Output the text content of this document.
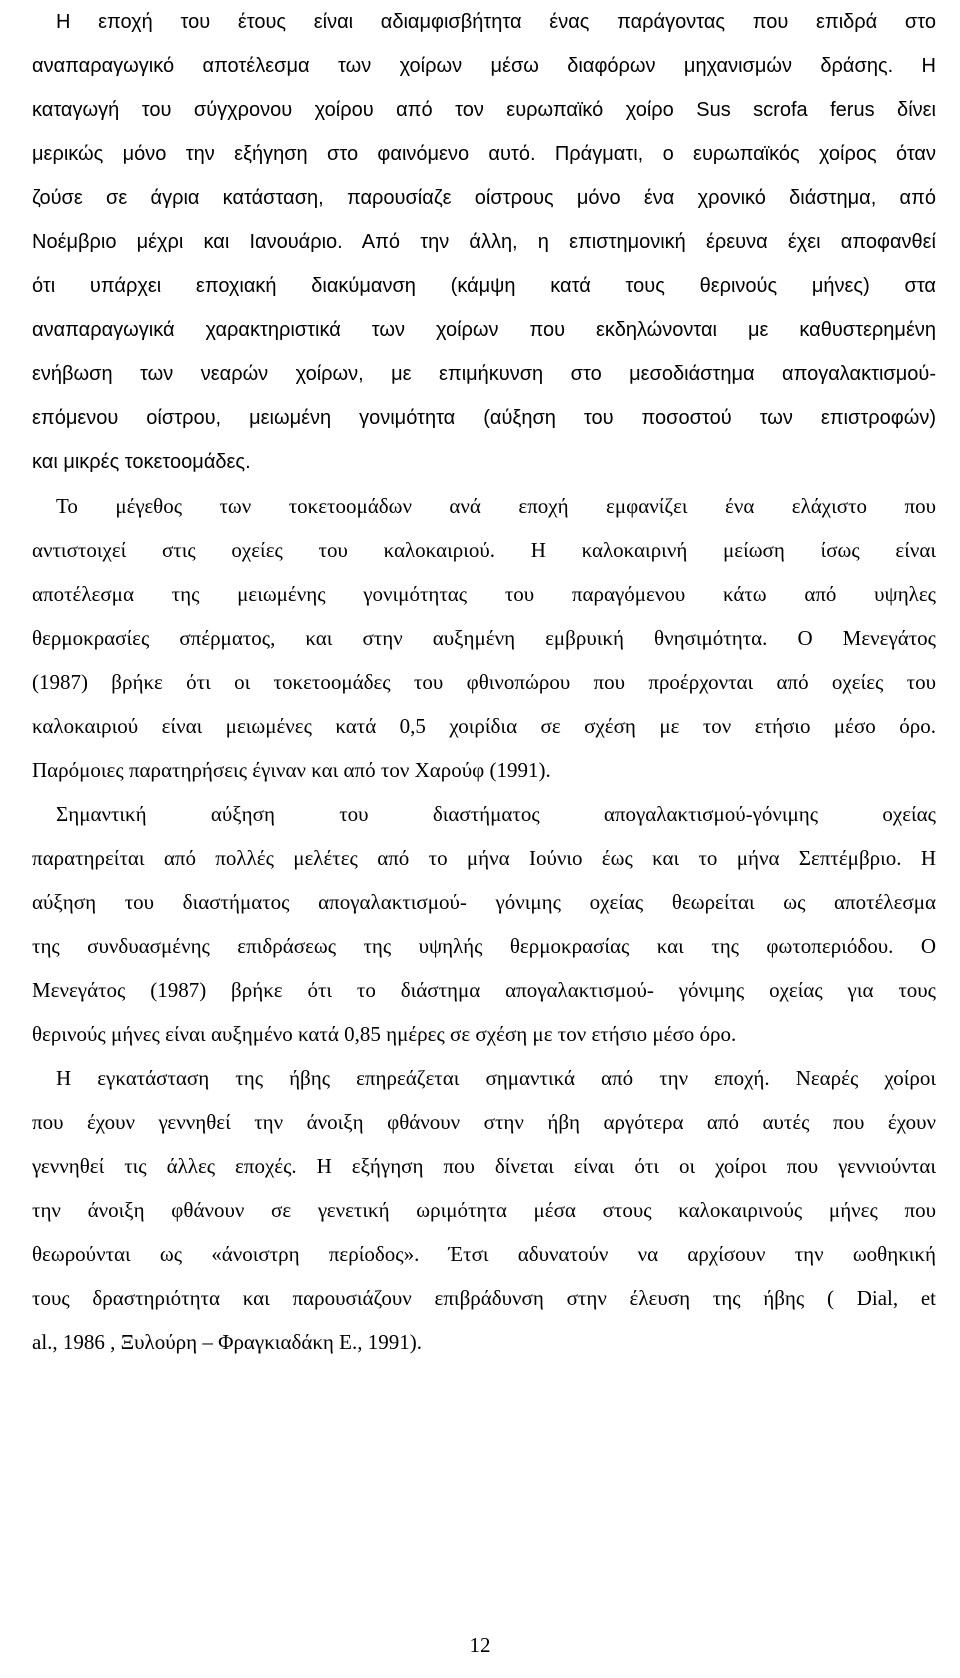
Η εποχή του έτους είναι αδιαμφισβήτητα ένας παράγοντας που επιδρά στο
αναπαραγωγικό αποτέλεσμα των χοίρων μέσω διαφόρων μηχανισμών δράσης. Η
καταγωγή του σύγχρονου χοίρου από τον ευρωπαϊκό χοίρο Sus scrofa ferus δίνει
μερικώς μόνο την εξήγηση στο φαινόμενο αυτό. Πράγματι, ο ευρωπαϊκός χοίρος όταν
ζούσε σε άγρια κατάσταση, παρουσίαζε οίστρους μόνο ένα χρονικό διάστημα, από
Νοέμβριο μέχρι και Ιανουάριο. Από την άλλη, η επιστημονική έρευνα έχει αποφανθεί
ότι υπάρχει εποχιακή διακύμανση (κάμψη κατά τους θερινούς μήνες) στα
αναπαραγωγικά χαρακτηριστικά των χοίρων που εκδηλώνονται με καθυστερημένη
ενήβωση των νεαρών χοίρων, με επιμήκυνση στο μεσοδιάστημα απογαλακτισμού-
επόμενου οίστρου, μειωμένη γονιμότητα (αύξηση του ποσοστού των επιστροφών)
και μικρές τοκετοομάδες.
Το μέγεθος των τοκετοομάδων ανά εποχή εμφανίζει ένα ελάχιστο που
αντιστοιχεί στις οχείες του καλοκαιριού. Η καλοκαιρινή μείωση ίσως είναι
αποτέλεσμα της μειωμένης γονιμότητας του παραγόμενου κάτω από υψηλες
θερμοκρασίες σπέρματος, και στην αυξημένη εμβρυική θνησιμότητα. Ο Μενεγάτος
(1987) βρήκε ότι οι τοκετοομάδες του φθινοπώρου που προέρχονται από οχείες του
καλοκαιριού είναι μειωμένες κατά 0,5 χοιρίδια σε σχέση με τον ετήσιο μέσο όρο.
Παρόμοιες παρατηρήσεις έγιναν και από τον Χαρούφ (1991).
Σημαντική αύξηση του διαστήματος απογαλακτισμού-γόνιμης οχείας
παρατηρείται από πολλές μελέτες από το μήνα Ιούνιο έως και το μήνα Σεπτέμβριο. Η
αύξηση του διαστήματος απογαλακτισμού- γόνιμης οχείας θεωρείται ως αποτέλεσμα
της συνδυασμένης επιδράσεως της υψηλής θερμοκρασίας και της φωτοπεριόδου. Ο
Μενεγάτος (1987) βρήκε ότι το διάστημα απογαλακτισμού- γόνιμης οχείας για τους
θερινούς μήνες είναι αυξημένο κατά 0,85 ημέρες σε σχέση με τον ετήσιο μέσο όρο.
Η εγκατάσταση της ήβης επηρεάζεται σημαντικά από την εποχή. Νεαρές χοίροι
που έχουν γεννηθεί την άνοιξη φθάνουν στην ήβη αργότερα από αυτές που έχουν
γεννηθεί τις άλλες εποχές. Η εξήγηση που δίνεται είναι ότι οι χοίροι που γεννιούνται
την άνοιξη φθάνουν σε γενετική ωριμότητα μέσα στους καλοκαιρινούς μήνες που
θεωρούνται ως «άνοιστρη περίοδος». Έτσι αδυνατούν να αρχίσουν την ωοθηκική
τους δραστηριότητα και παρουσιάζουν επιβράδυνση στην έλευση της ήβης ( Dial, et
al., 1986 , Ξυλούρη – Φραγκιαδάκη Ε., 1991).
12
